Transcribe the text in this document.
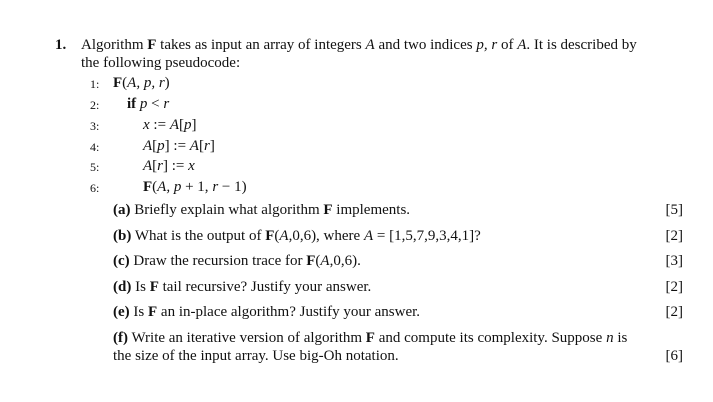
1. Algorithm F takes as input an array of integers A and two indices p, r of A. It is described by
the following pseudocode:
1: F(A, p, r)
2: if p < r
3:	x := A[p]
4:	A[p] := A[r]
5:	A[r] := x
6:	F(A, p + 1, r − 1)
(a) Briefly explain what algorithm F implements.	[5]
(b) What is the output of F(A,0,6), where A = [1,5,7,9,3,4,1]?	[2]
(c) Draw the recursion trace for F(A,0,6).	[3]
(d) Is F tail recursive? Justify your answer.	[2]
(e) Is F an in-place algorithm? Justify your answer.	[2]
(f) Write an iterative version of algorithm F and compute its complexity. Suppose n is
the size of the input array. Use big-Oh notation.	[6]
